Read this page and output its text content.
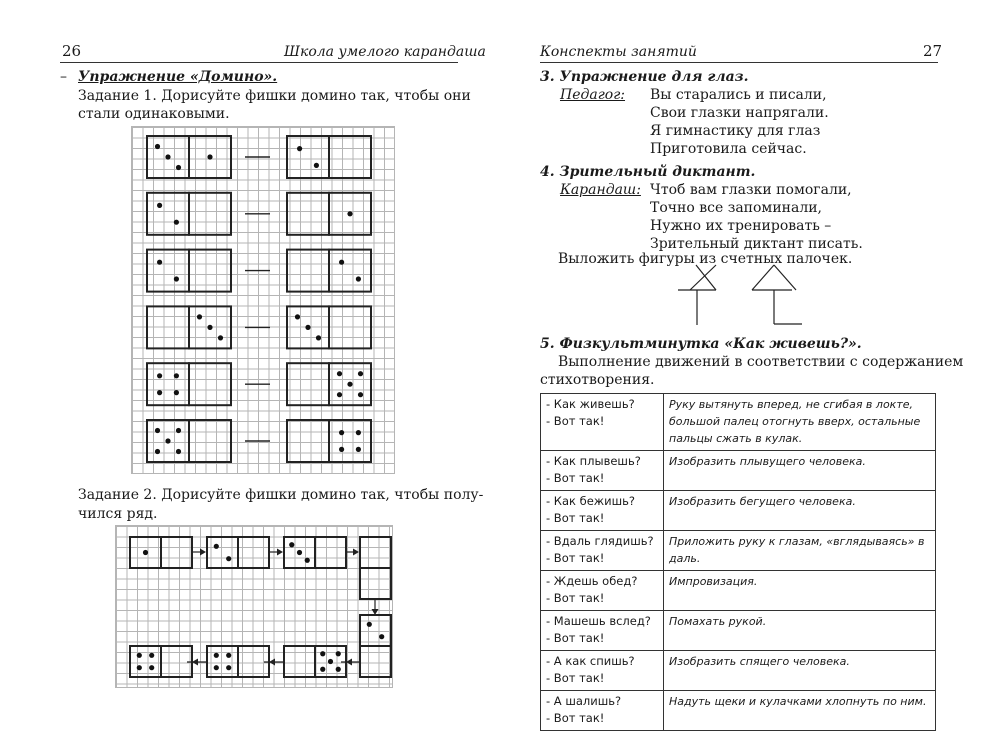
26	Школа умелого карандаша
– Упражнение «Домино».
Задание 1. Дорисуйте фишки домино так, чтобы они
стали одинаковыми.
Задание 2. Дорисуйте фишки домино так, чтобы полу-
чился ряд.
Конспекты занятий	27
3. Упражнение для глаз.
Педагог: Вы старались и писали,
Свои глазки напрягали.
Я гимнастику для глаз
Приготовила сейчас.
4. Зрительный диктант.
Карандаш: Чтоб вам глазки помогали,
Точно все запоминали,
Нужно их тренировать –
Зрительный диктант писать.
Выложить фигуры из счетных палочек.
5. Физкультминутка «Как живешь?».
Выполнение движений в соответствии с содержанием
стихотворения.
- Как живешь?
- Вот так!	Руку вытянуть вперед, не сгибая в локте,
большой палец отогнуть вверх, остальные
пальцы сжать в кулак.

- Как плывешь?
- Вот так!	Изобразить плывущего человека.

- Как бежишь?
- Вот так!	Изобразить бегущего человека.

- Вдаль глядишь?
- Вот так!	Приложить руку к глазам, «вглядываясь» в
даль.

- Ждешь обед?
- Вот так!	Импровизация.

- Машешь вслед?
- Вот так!	Помахать рукой.

- А как спишь?
- Вот так!	Изобразить спящего человека.

- А шалишь?
- Вот так!	Надуть щеки и кулачками хлопнуть по ним.
